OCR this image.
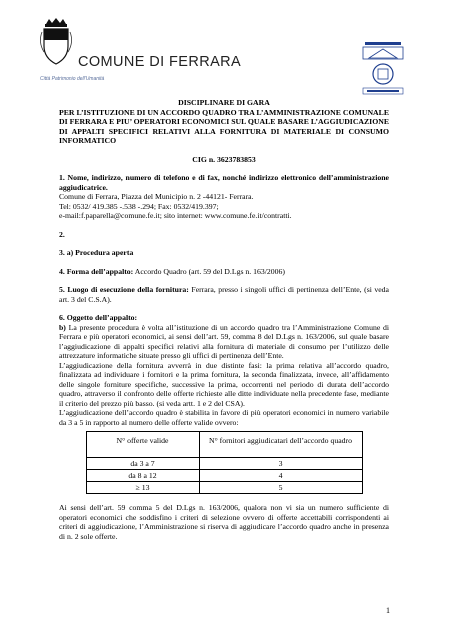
COMUNE DI FERRARA
Città Patrimonio dell'Umanità
DISCIPLINARE DI GARA
PER L’ISTITUZIONE DI UN ACCORDO QUADRO TRA L’AMMINISTRAZIONE COMUNALE DI FERRARA E PIU’ OPERATORI ECONOMICI SUL QUALE BASARE L’AGGIUDICAZIONE DI APPALTI SPECIFICI RELATIVI ALLA FORNITURA DI MATERIALE DI CONSUMO INFORMATICO
CIG n. 3623783853

1. Nome, indirizzo, numero di telefono e di fax, nonché indirizzo elettronico dell’amministrazione aggiudicatrice.

Comune di Ferrara, Piazza del Municipio n. 2 -44121- Ferrara.

Tel: 0532/ 419.385 -.538 -.294; Fax: 0532/419.397;

e-mail:f.paparella@comune.fe.it; sito internet: www.comune.fe.it/contratti.

2.

3. a) Procedura aperta

4. Forma dell’appalto: Accordo Quadro (art. 59 del D.Lgs n. 163/2006)

5. Luogo di esecuzione della fornitura: Ferrara, presso i singoli uffici di pertinenza dell’Ente, (si veda art. 3 del C.S.A).

6. Oggetto dell’appalto:

b) La presente procedura è volta all’istituzione di un accordo quadro tra l’Amministrazione Comune di Ferrara e più operatori economici, ai sensi dell’art. 59, comma 8 del D.Lgs n. 163/2006, sul quale basare l’aggiudicazione di appalti specifici relativi alla fornitura di materiale di consumo per l’utilizzo delle attrezzature informatiche situate presso gli uffici di pertinenza dell’Ente.

L’aggiudicazione della fornitura avverrà in due distinte fasi: la prima relativa all’accordo quadro, finalizzata ad individuare i fornitori e la prima fornitura, la seconda finalizzata, invece, all’affidamento delle singole forniture specifiche, successive la prima, occorrenti nel periodo di durata dell’accordo quadro, attraverso il confronto delle offerte richieste alle ditte individuate nella precedente fase, mediante il criterio del prezzo più basso. (si veda artt. 1 e 2 del CSA).

L’aggiudicazione dell’accordo quadro è stabilita in favore di più operatori economici in numero variabile da 3 a 5 in rapporto al numero delle offerte valide ovvero:

N° offerte valide	N° fornitori aggiudicatari dell’accordo quadro
da 3 a 7	3
da 8 a 12	4
≥ 13	5

Ai sensi dell’art. 59 comma 5 del D.Lgs n. 163/2006, qualora non vi sia un numero sufficiente di operatori economici che soddisfino i criteri di selezione ovvero di offerte accettabili corrispondenti ai criteri di aggiudicazione, l’Amministrazione si riserva di aggiudicare l’accordo quadro anche in presenza di n. 2 sole offerte.

1
